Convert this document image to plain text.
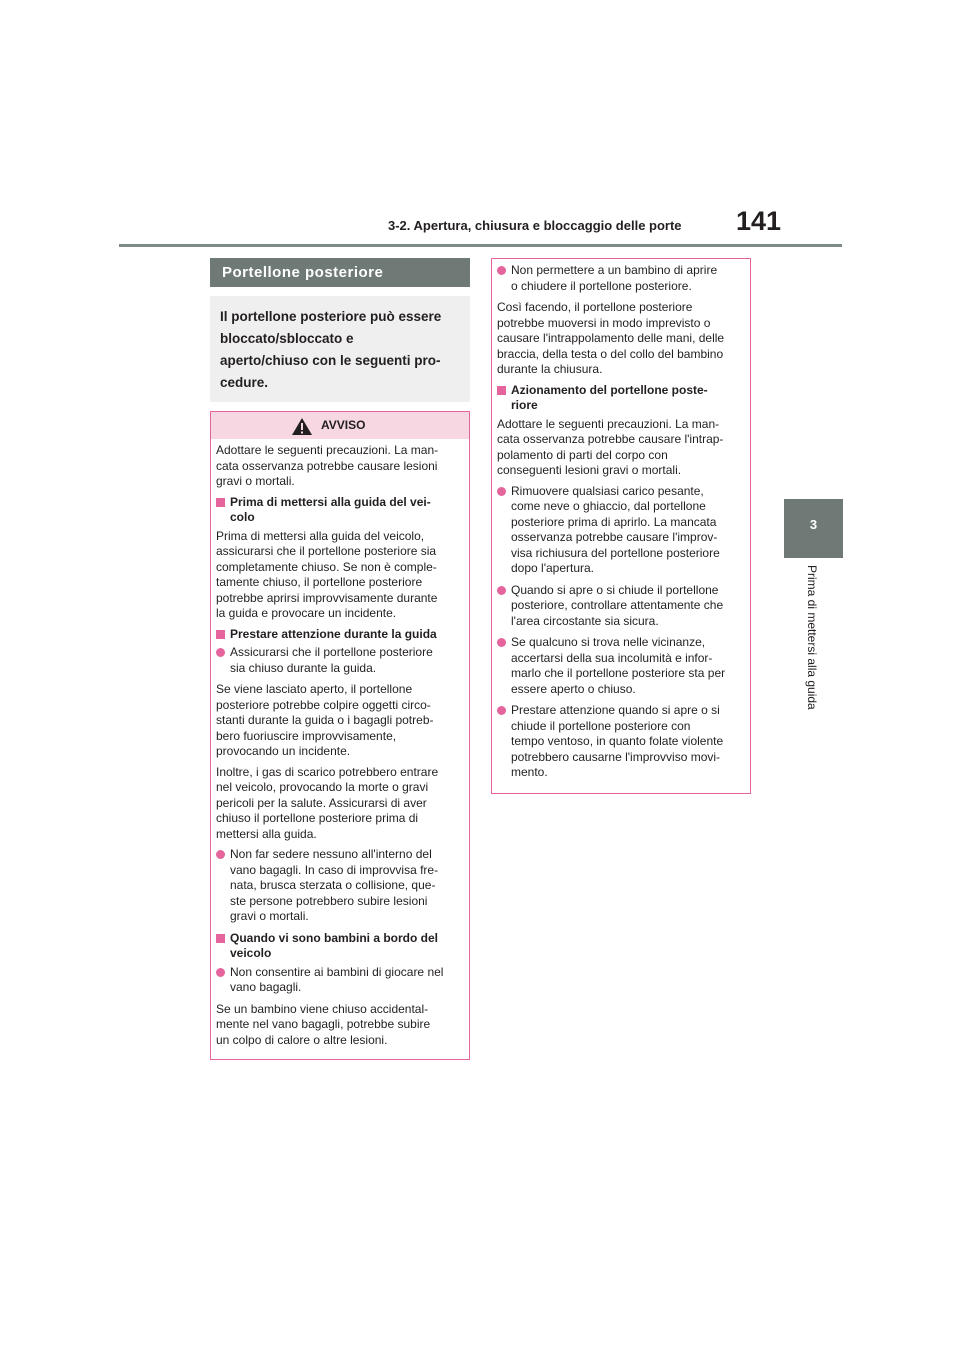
3-2. Apertura, chiusura e bloccaggio delle porte 141
3
Prima di mettersi alla guida
Portellone posteriore
Il portellone posteriore può essere
bloccato/sbloccato e
aperto/chiuso con le seguenti pro-
cedure.
AVVISO
Adottare le seguenti precauzioni. La man-
cata osservanza potrebbe causare lesioni
gravi o mortali.
Prima di mettersi alla guida del vei-
colo
Prima di mettersi alla guida del veicolo,
assicurarsi che il portellone posteriore sia
completamente chiuso. Se non è comple-
tamente chiuso, il portellone posteriore
potrebbe aprirsi improvvisamente durante
la guida e provocare un incidente.
Prestare attenzione durante la guida
Assicurarsi che il portellone posteriore
sia chiuso durante la guida.
Se viene lasciato aperto, il portellone
posteriore potrebbe colpire oggetti circo-
stanti durante la guida o i bagagli potreb-
bero fuoriuscire improvvisamente,
provocando un incidente.
Inoltre, i gas di scarico potrebbero entrare
nel veicolo, provocando la morte o gravi
pericoli per la salute. Assicurarsi di aver
chiuso il portellone posteriore prima di
mettersi alla guida.
Non far sedere nessuno all'interno del
vano bagagli. In caso di improvvisa fre-
nata, brusca sterzata o collisione, que-
ste persone potrebbero subire lesioni
gravi o mortali.
Quando vi sono bambini a bordo del
veicolo
Non consentire ai bambini di giocare nel
vano bagagli.
Se un bambino viene chiuso accidental-
mente nel vano bagagli, potrebbe subire
un colpo di calore o altre lesioni.
Non permettere a un bambino di aprire
o chiudere il portellone posteriore.
Così facendo, il portellone posteriore
potrebbe muoversi in modo imprevisto o
causare l'intrappolamento delle mani, delle
braccia, della testa o del collo del bambino
durante la chiusura.
Azionamento del portellone poste-
riore
Adottare le seguenti precauzioni. La man-
cata osservanza potrebbe causare l'intrap-
polamento di parti del corpo con
conseguenti lesioni gravi o mortali.
Rimuovere qualsiasi carico pesante,
come neve o ghiaccio, dal portellone
posteriore prima di aprirlo. La mancata
osservanza potrebbe causare l'improv-
visa richiusura del portellone posteriore
dopo l'apertura.
Quando si apre o si chiude il portellone
posteriore, controllare attentamente che
l'area circostante sia sicura.
Se qualcuno si trova nelle vicinanze,
accertarsi della sua incolumità e infor-
marlo che il portellone posteriore sta per
essere aperto o chiuso.
Prestare attenzione quando si apre o si
chiude il portellone posteriore con
tempo ventoso, in quanto folate violente
potrebbero causarne l'improvviso movi-
mento.
